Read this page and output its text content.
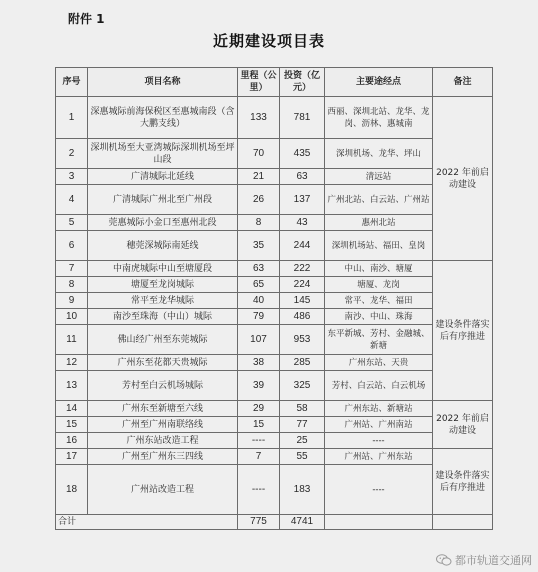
附件 1
近期建设项目表
序号	项目名称	里程（公里）	投资（亿元）	主要途经点	备注
1	深惠城际前海保税区至惠城南段（含大鹏支线）	133	781	西丽、深圳北站、龙华、龙岗、沥林、惠城南	2022 年前启动建设
2	深圳机场至大亚湾城际深圳机场至坪山段	70	435	深圳机场、龙华、坪山	
3	广清城际北延线	21	63	清远站	
4	广清城际广州北至广州段	26	137	广州北站、白云站、广州站	
5	莞惠城际小金口至惠州北段	8	43	惠州北站	
6	穗莞深城际南延线	35	244	深圳机场站、福田、皇岗	
7	中南虎城际中山至塘厦段	63	222	中山、南沙、塘厦	建设条件落实后有序推进
8	塘厦至龙岗城际	65	224	塘厦、龙岗	
9	常平至龙华城际	40	145	常平、龙华、福田	
10	南沙至珠海（中山）城际	79	486	南沙、中山、珠海	
11	佛山经广州至东莞城际	107	953	东平新城、芳村、金融城、新塘	
12	广州东至花都天贵城际	38	285	广州东站、天贵	
13	芳村至白云机场城际	39	325	芳村、白云站、白云机场	
14	广州东至新塘至六线	29	58	广州东站、新塘站	2022 年前启动建设
15	广州至广州南联络线	15	77	广州站、广州南站	
16	广州东站改造工程	----	25	----	
17	广州至广州东三四线	7	55	广州站、广州东站	建设条件落实后有序推进
18	广州站改造工程	----	183	----	
合计		775	4741		
都市轨道交通网
